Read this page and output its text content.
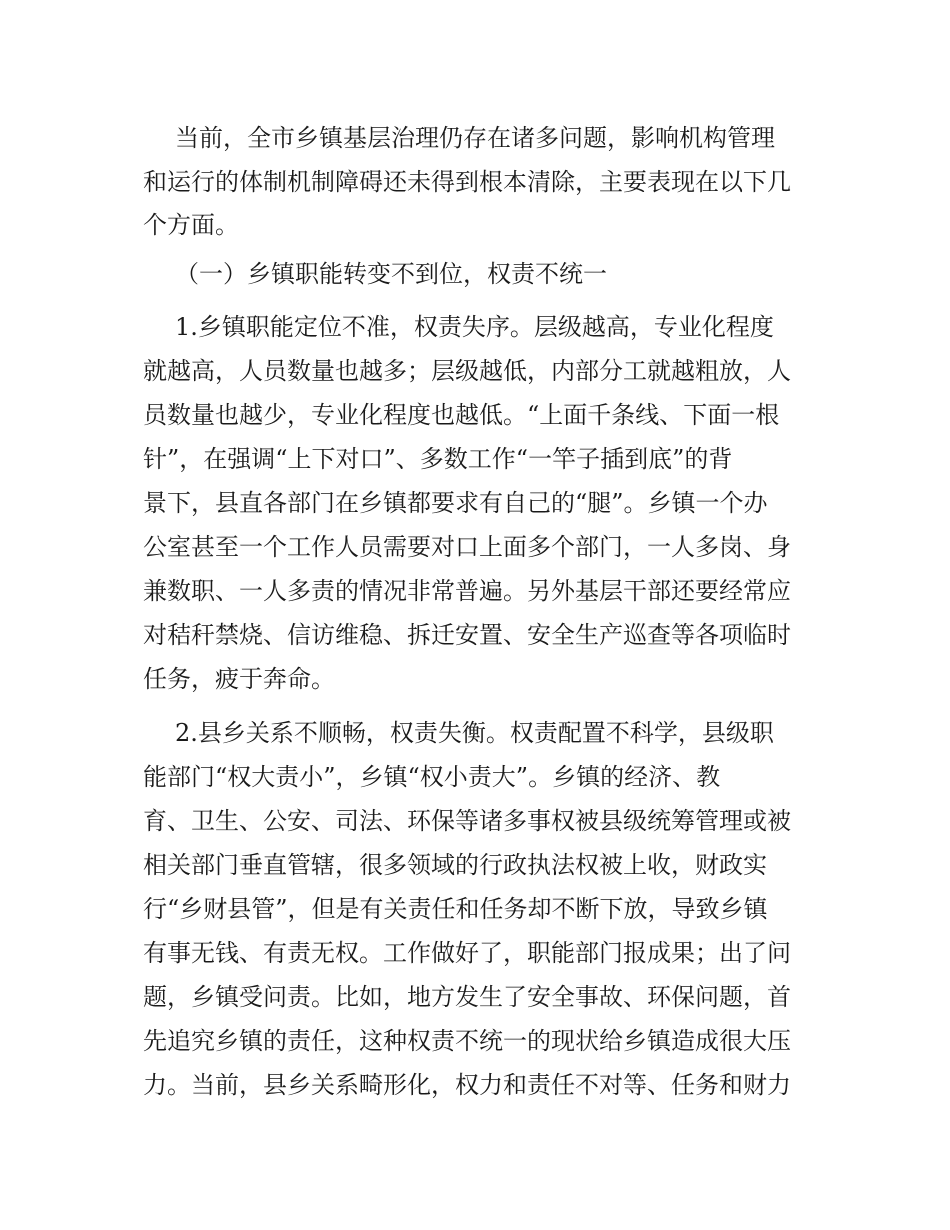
当前，全市乡镇基层治理仍存在诸多问题，影响机构管理
和运行的体制机制障碍还未得到根本清除，主要表现在以下几
个方面。
（一）乡镇职能转变不到位，权责不统一
1.乡镇职能定位不准，权责失序。层级越高，专业化程度
就越高，人员数量也越多；层级越低，内部分工就越粗放，人
员数量也越少，专业化程度也越低。“上面千条线、下面一根
针”，在强调“上下对口”、多数工作“一竿子插到底”的背
景下，县直各部门在乡镇都要求有自己的“腿”。乡镇一个办
公室甚至一个工作人员需要对口上面多个部门，一人多岗、身
兼数职、一人多责的情况非常普遍。另外基层干部还要经常应
对秸秆禁烧、信访维稳、拆迁安置、安全生产巡查等各项临时
任务，疲于奔命。
2.县乡关系不顺畅，权责失衡。权责配置不科学，县级职
能部门“权大责小”，乡镇“权小责大”。乡镇的经济、教
育、卫生、公安、司法、环保等诸多事权被县级统筹管理或被
相关部门垂直管辖，很多领域的行政执法权被上收，财政实
行“乡财县管”，但是有关责任和任务却不断下放，导致乡镇
有事无钱、有责无权。工作做好了，职能部门报成果；出了问
题，乡镇受问责。比如，地方发生了安全事故、环保问题，首
先追究乡镇的责任，这种权责不统一的现状给乡镇造成很大压
力。当前，县乡关系畸形化，权力和责任不对等、任务和财力
